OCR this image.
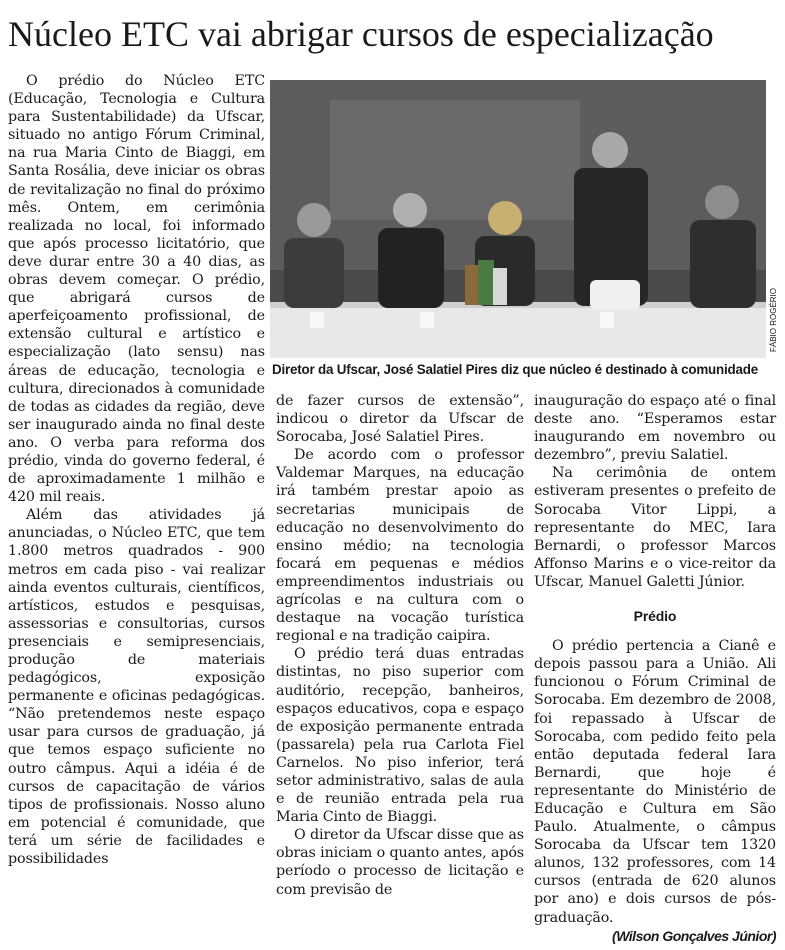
Núcleo ETC vai abrigar cursos de especialização

O prédio do Núcleo ETC (Educação, Tecnologia e Cultura para Sustentabilidade) da Ufscar, situado no antigo Fórum Criminal, na rua Maria Cinto de Biaggi, em Santa Rosália, deve iniciar os obras de revitalização no final do próximo mês. Ontem, em cerimônia realizada no local, foi informado que após processo licitatório, que deve durar entre 30 a 40 dias, as obras devem começar. O prédio, que abrigará cursos de aperfeiçoamento profissional, de extensão cultural e artístico e especialização (lato sensu) nas áreas de educação, tecnologia e cultura, direcionados à comunidade de todas as cidades da região, deve ser inaugurado ainda no final deste ano. O verba para reforma dos prédio, vinda do governo federal, é de aproximadamente 1 milhão e 420 mil reais.

Além das atividades já anunciadas, o Núcleo ETC, que tem 1.800 metros quadrados - 900 metros em cada piso - vai realizar ainda eventos culturais, científicos, artísticos, estudos e pesquisas, assessorias e consultorias, cursos presenciais e semipresenciais, produção de materiais pedagógicos, exposição permanente e oficinas pedagógicas. “Não pretendemos neste espaço usar para cursos de graduação, já que temos espaço suficiente no outro câmpus. Aqui a idéia é de cursos de capacitação de vários tipos de profissionais. Nosso aluno em potencial é comunidade, que terá um série de facilidades e possibilidades

FÁBIO ROGÉRIO

Diretor da Ufscar, José Salatiel Pires diz que núcleo é destinado à comunidade

de fazer cursos de extensão”, indicou o diretor da Ufscar de Sorocaba, José Salatiel Pires.

De acordo com o professor Valdemar Marques, na educação irá também prestar apoio as secretarias municipais de educação no desenvolvimento do ensino médio; na tecnologia focará em pequenas e médios empreendimentos industriais ou agrícolas e na cultura com o destaque na vocação turística regional e na tradição caipira.

O prédio terá duas entradas distintas, no piso superior com auditório, recepção, banheiros, espaços educativos, copa e espaço de exposição permanente entrada (passarela) pela rua Carlota Fiel Carnelos. No piso inferior, terá setor administrativo, salas de aula e de reunião entrada pela rua Maria Cinto de Biaggi.

O diretor da Ufscar disse que as obras iniciam o quanto antes, após período o processo de licitação e com previsão de

inauguração do espaço até o final deste ano. “Esperamos estar inaugurando em novembro ou dezembro”, previu Salatiel.

Na cerimônia de ontem estiveram presentes o prefeito de Sorocaba Vitor Lippi, a representante do MEC, Iara Bernardi, o professor Marcos Affonso Marins e o vice-reitor da Ufscar, Manuel Galetti Júnior.

Prédio

O prédio pertencia a Cianê e depois passou para a União. Ali funcionou o Fórum Criminal de Sorocaba. Em dezembro de 2008, foi repassado à Ufscar de Sorocaba, com pedido feito pela então deputada federal Iara Bernardi, que hoje é representante do Ministério de Educação e Cultura em São Paulo. Atualmente, o câmpus Sorocaba da Ufscar tem 1320 alunos, 132 professores, com 14 cursos (entrada de 620 alunos por ano) e dois cursos de pós-graduação.

(Wilson Gonçalves Júnior)
